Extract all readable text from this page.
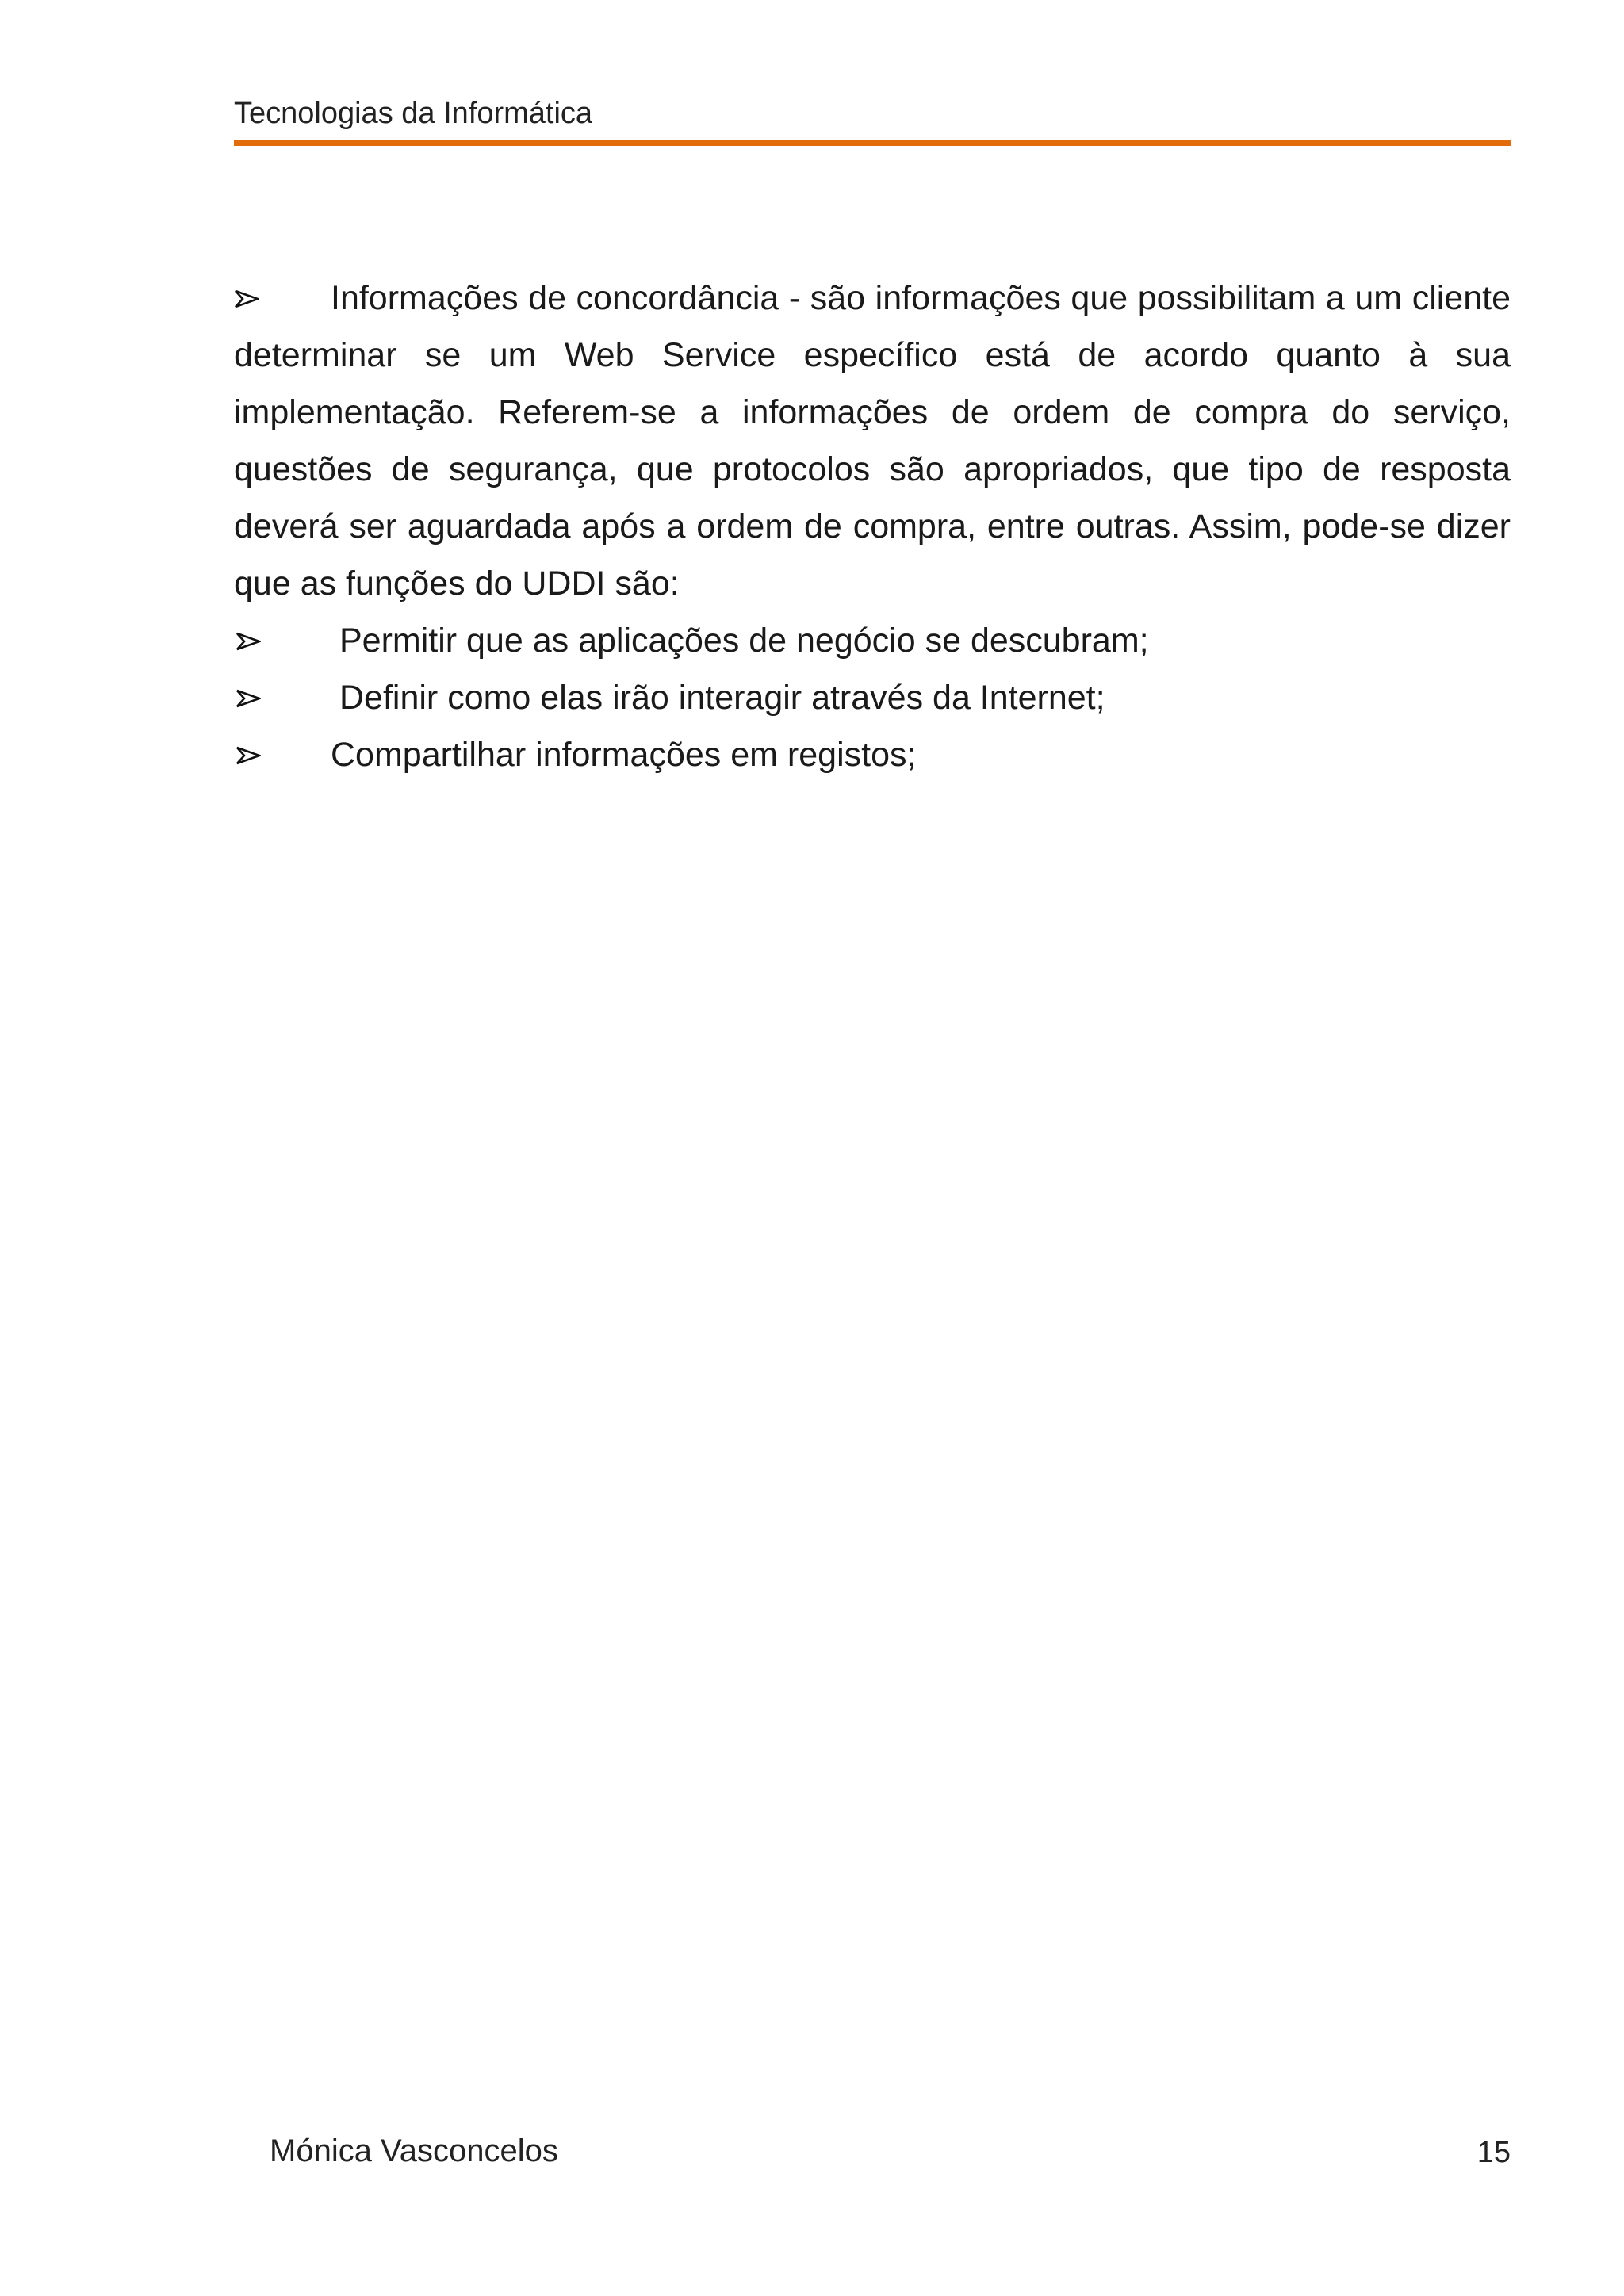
Tecnologias da Informática

Informações de concordância - são informações que possibilitam a um cliente determinar se um Web Service específico está de acordo quanto à sua implementação. Referem-se a informações de ordem de compra do serviço, questões de segurança, que protocolos são apropriados, que tipo de resposta deverá ser aguardada após a ordem de compra, entre outras. Assim, pode-se dizer que as funções do UDDI são:

Permitir que as aplicações de negócio se descubram;
Definir como elas irão interagir através da Internet;
Compartilhar informações em registos;
Mónica Vasconcelos	15
